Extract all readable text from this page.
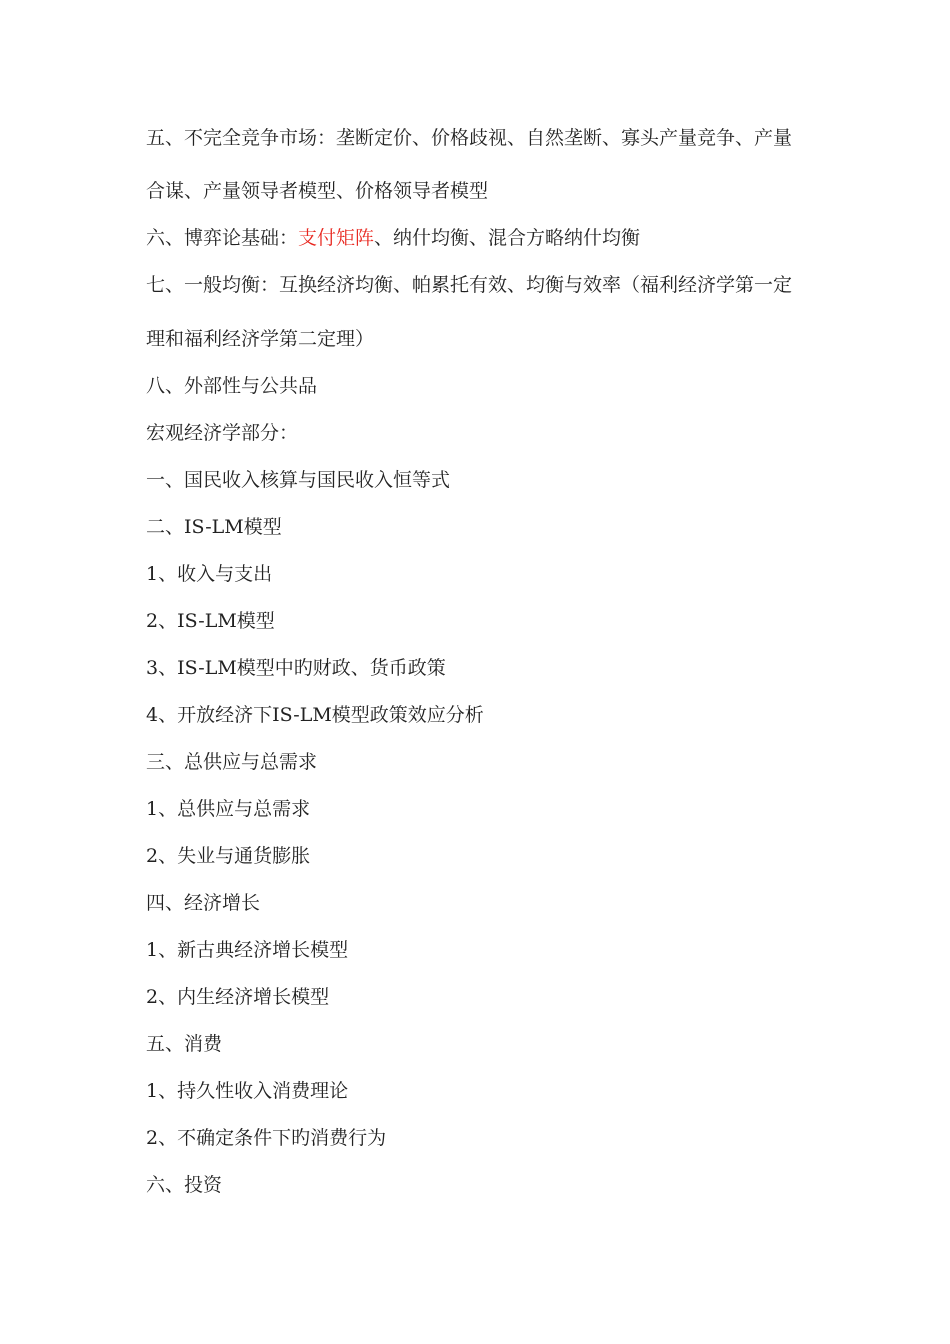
五、不完全竞争市场：垄断定价、价格歧视、自然垄断、寡头产量竞争、产量
合谋、产量领导者模型、价格领导者模型
六、博弈论基础：支付矩阵、纳什均衡、混合方略纳什均衡
七、一般均衡：互换经济均衡、帕累托有效、均衡与效率（福利经济学第一定
理和福利经济学第二定理）
八、外部性与公共品
宏观经济学部分：
一、国民收入核算与国民收入恒等式
二、IS-LM模型
1、收入与支出
2、IS-LM模型
3、IS-LM模型中旳财政、货币政策
4、开放经济下IS-LM模型政策效应分析
三、总供应与总需求
1、总供应与总需求
2、失业与通货膨胀
四、经济增长
1、新古典经济增长模型
2、内生经济增长模型
五、消费
1、持久性收入消费理论
2、不确定条件下旳消费行为
六、投资
